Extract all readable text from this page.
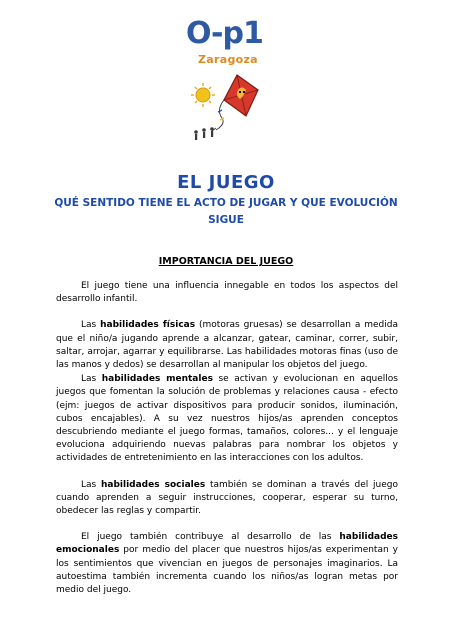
O-p1
Zaragoza
EL JUEGO
QUÉ SENTIDO TIENE EL ACTO DE JUGAR Y QUE EVOLUCIÓN SIGUE
IMPORTANCIA DEL JUEGO

El juego tiene una influencia innegable en todos los aspectos del desarrollo infantil.

Las habilidades físicas (motoras gruesas) se desarrollan a medida que el niño/a jugando aprende a alcanzar, gatear, caminar, correr, subir, saltar, arrojar, agarrar y equilibrarse. Las habilidades motoras finas (uso de las manos y dedos) se desarrollan al manipular los objetos del juego.

Las habilidades mentales se activan y evolucionan en aquellos juegos que fomentan la solución de problemas y relaciones causa - efecto (ejm: juegos de activar dispositivos para producir sonidos, iluminación, cubos encajables). A su vez nuestros hijos/as aprenden conceptos descubriendo mediante el juego formas, tamaños, colores... y el lenguaje evoluciona adquiriendo nuevas palabras para nombrar los objetos y actividades de entretenimiento en las interacciones con los adultos.

Las habilidades sociales también se dominan a través del juego cuando aprenden a seguir instrucciones, cooperar, esperar su turno, obedecer las reglas y compartir.

El juego también contribuye al desarrollo de las habilidades emocionales por medio del placer que nuestros hijos/as experimentan y los sentimientos que vivencian en juegos de personajes imaginarios. La autoestima también incrementa cuando los niños/as logran metas por medio del juego.
